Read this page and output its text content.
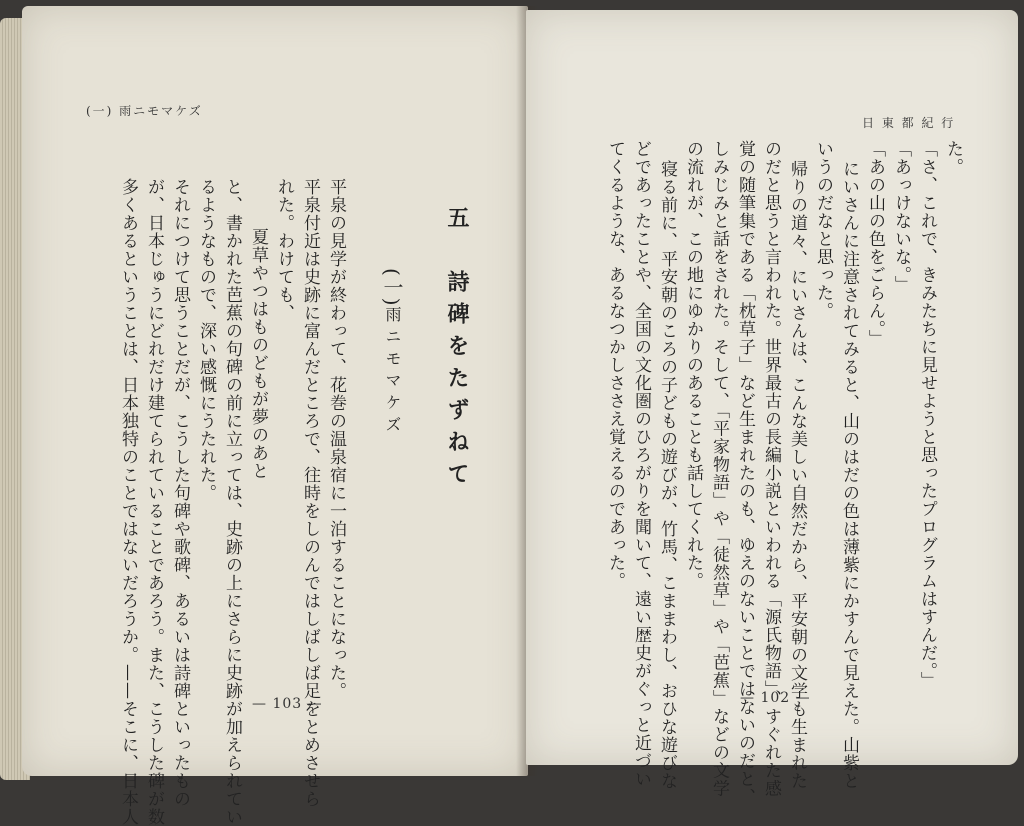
(一) 雨ニモマケズ
五　詩碑をたずねて
(一)
雨ニモマケズ
平泉の見学が終わって、花巻の温泉宿に一泊することになった。
平泉付近は史跡に富んだところで、往時をしのんではしばしば足をとめさせら
れた。わけても、
夏草やつはものどもが夢のあと
と、書かれた芭蕉の句碑の前に立っては、史跡の上にさらに史跡が加えられてい
るようなもので、深い感慨にうたれた。
それにつけて思うことだが、こうした句碑や歌碑、あるいは詩碑といったもの
が、日本じゅうにどれだけ建てられていることであろう。また、こうした碑が数
多くあるということは、日本独特のことではないだろうか。——そこに、日本人	— 103 —
日 東 都 紀 行
た。
「さ、これで、きみたちに見せようと思ったプログラムはすんだ。」
「あっけないな。」
「あの山の色をごらん。」
にいさんに注意されてみると、山のはだの色は薄紫にかすんで見えた。山紫と
いうのだなと思った。
帰りの道々、にいさんは、こんな美しい自然だから、平安朝の文学も生まれた
のだと思うと言われた。世界最古の長編小説といわれる「源氏物語」、すぐれた感
覚の随筆集である「枕草子」など生まれたのも、ゆえのないことではないのだと、
しみじみと話をされた。そして、「平家物語」や「徒然草」や「芭蕉」などの文学
の流れが、この地にゆかりのあることも話してくれた。
寝る前に、平安朝のころの子どもの遊びが、竹馬、こままわし、おひな遊びな
どであったことや、全国の文化圏のひろがりを聞いて、遠い歴史がぐっと近づい
てくるような、あるなつかしささえ覚えるのであった。
— 102 —
